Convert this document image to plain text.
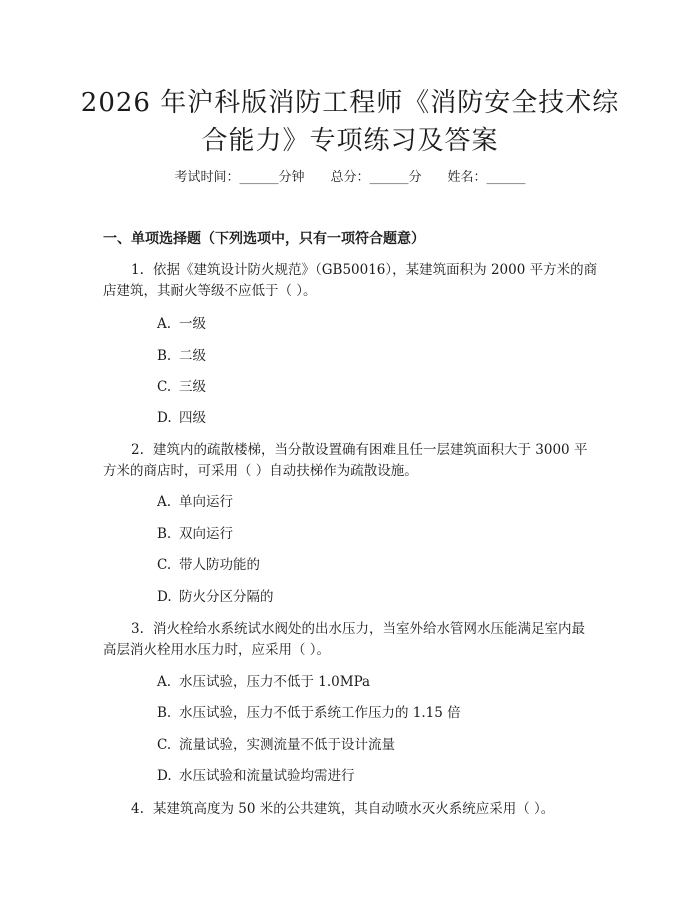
2026 年沪科版消防工程师《消防安全技术综
合能力》专项练习及答案
考试时间：______分钟 总分：______分 姓名：______
一、单项选择题（下列选项中，只有一项符合题意）
1. 依据《建筑设计防火规范》（GB50016），某建筑面积为 2000 平方米的商
店建筑，其耐火等级不应低于（ ）。
A. 一级
B. 二级
C. 三级
D. 四级
2. 建筑内的疏散楼梯，当分散设置确有困难且任一层建筑面积大于 3000 平
方米的商店时，可采用（ ）自动扶梯作为疏散设施。
A. 单向运行
B. 双向运行
C. 带人防功能的
D. 防火分区分隔的
3. 消火栓给水系统试水阀处的出水压力，当室外给水管网水压能满足室内最
高层消火栓用水压力时，应采用（ ）。
A. 水压试验，压力不低于 1.0MPa
B. 水压试验，压力不低于系统工作压力的 1.15 倍
C. 流量试验，实测流量不低于设计流量
D. 水压试验和流量试验均需进行
4. 某建筑高度为 50 米的公共建筑，其自动喷水灭火系统应采用（ ）。
